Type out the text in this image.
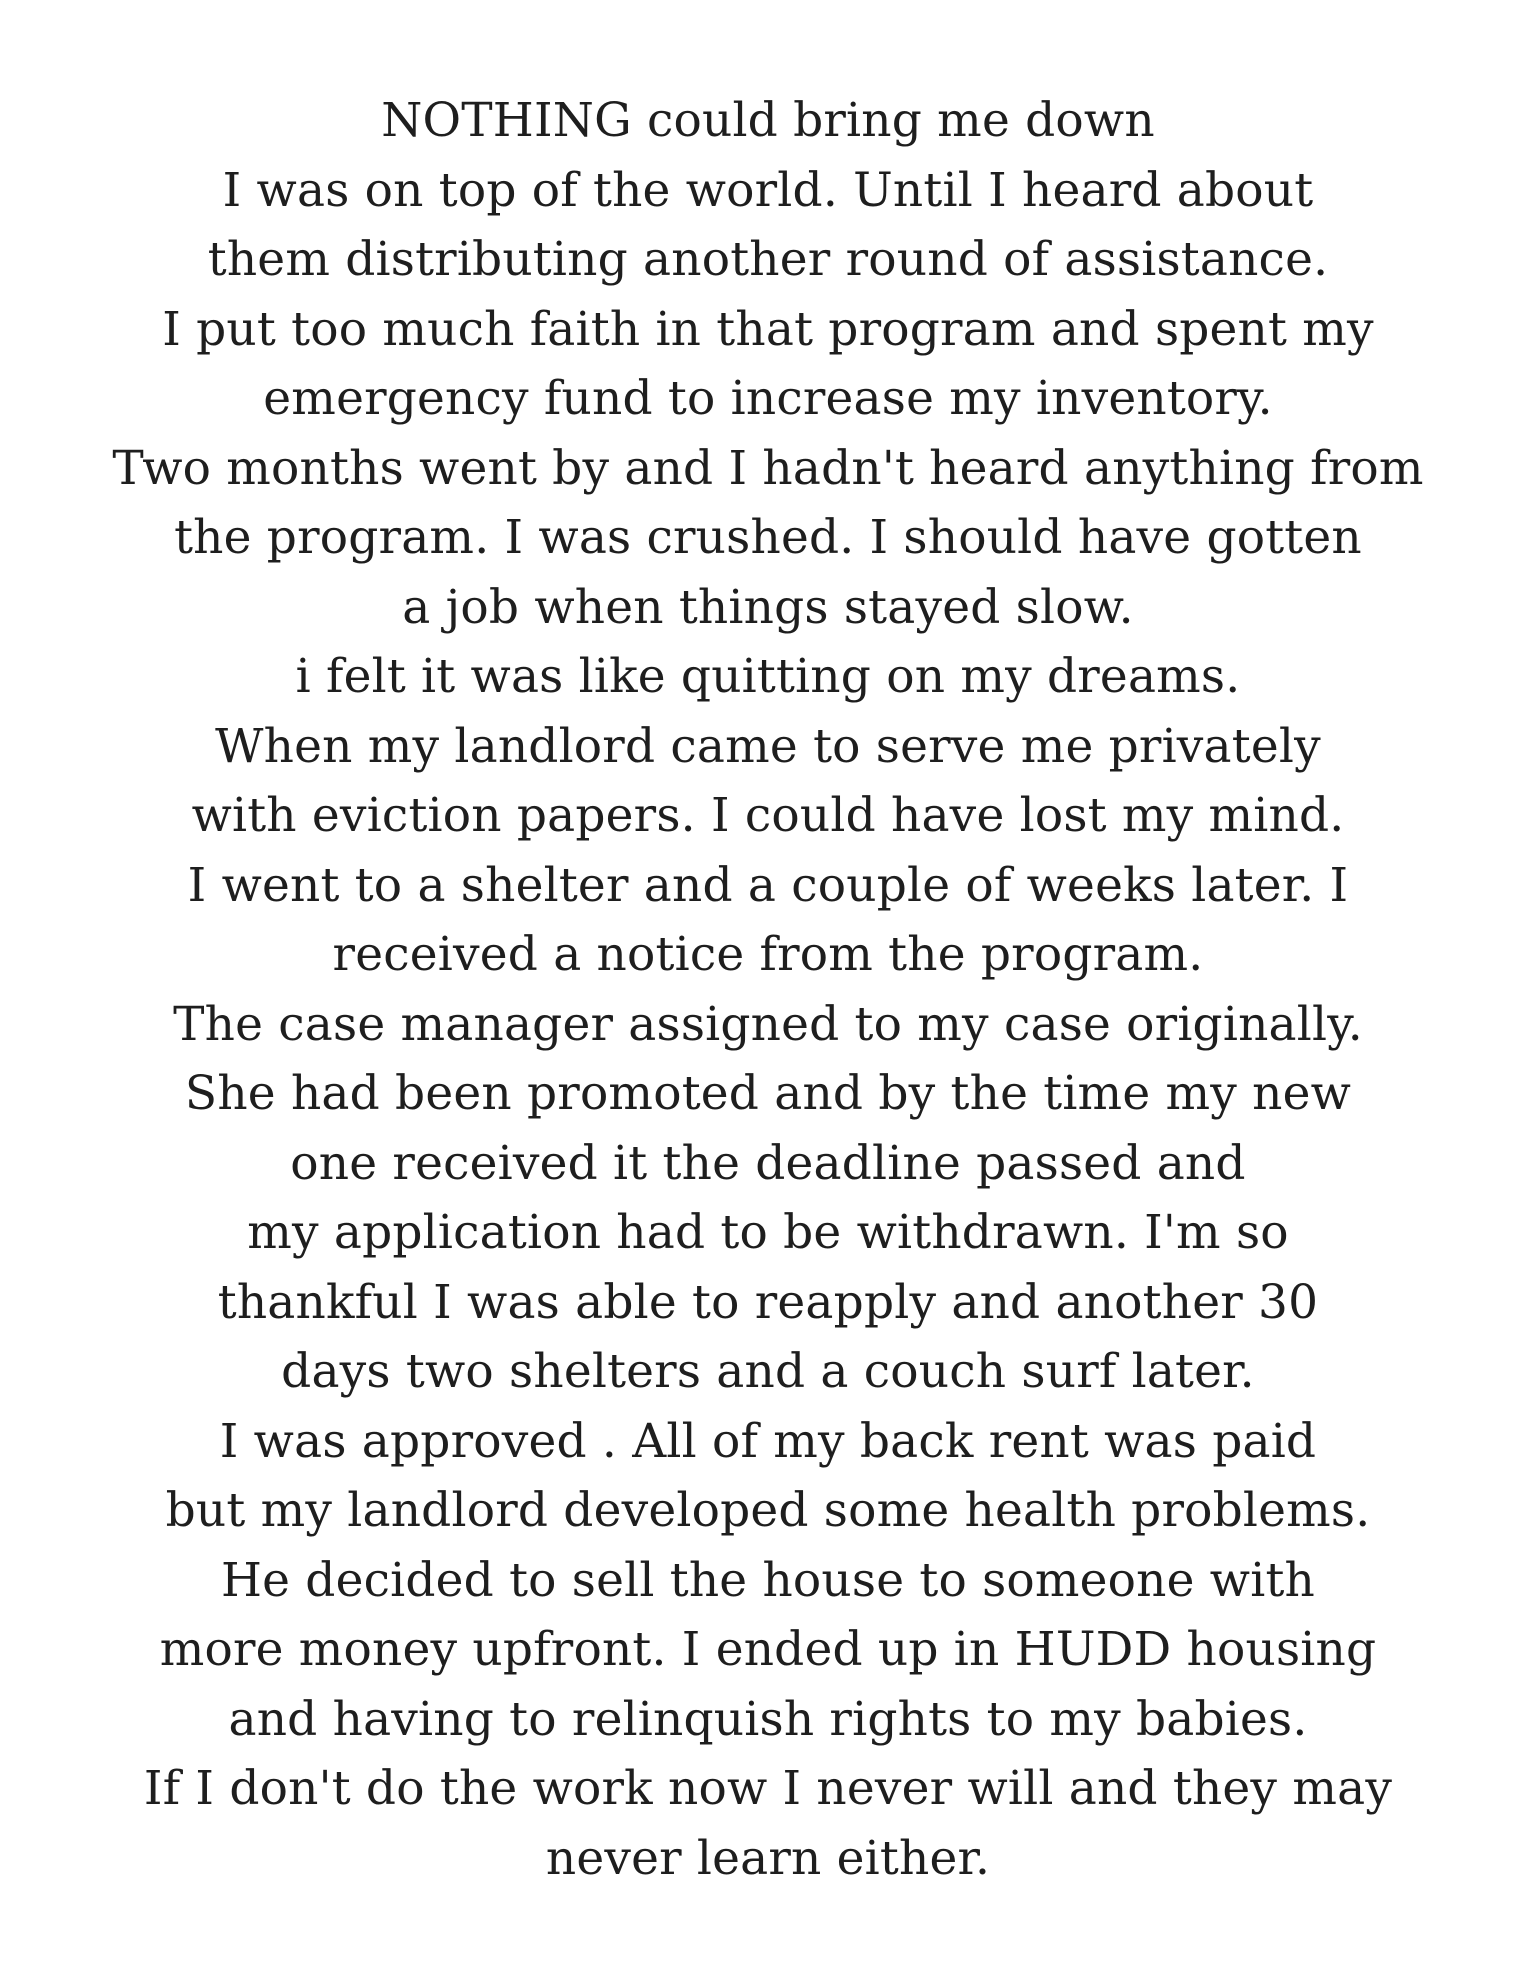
NOTHING could bring me down
I was on top of the world. Until I heard about
them distributing another round of assistance.
I put too much faith in that program and spent my
emergency fund to increase my inventory.
Two months went by and I hadn't heard anything from
the program. I was crushed. I should have gotten
a job when things stayed slow.
i felt it was like quitting on my dreams.
When my landlord came to serve me privately
with eviction papers. I could have lost my mind.
I went to a shelter and a couple of weeks later. I
received a notice from the program.
The case manager assigned to my case originally.
She had been promoted and by the time my new
one received it the deadline passed and
my application had to be withdrawn. I'm so
thankful I was able to reapply and another 30
days two shelters and a couch surf later.
I was approved . All of my back rent was paid
but my landlord developed some health problems.
He decided to sell the house to someone with
more money upfront. I ended up in HUDD housing
and having to relinquish rights to my babies.
If I don't do the work now I never will and they may
never learn either.
